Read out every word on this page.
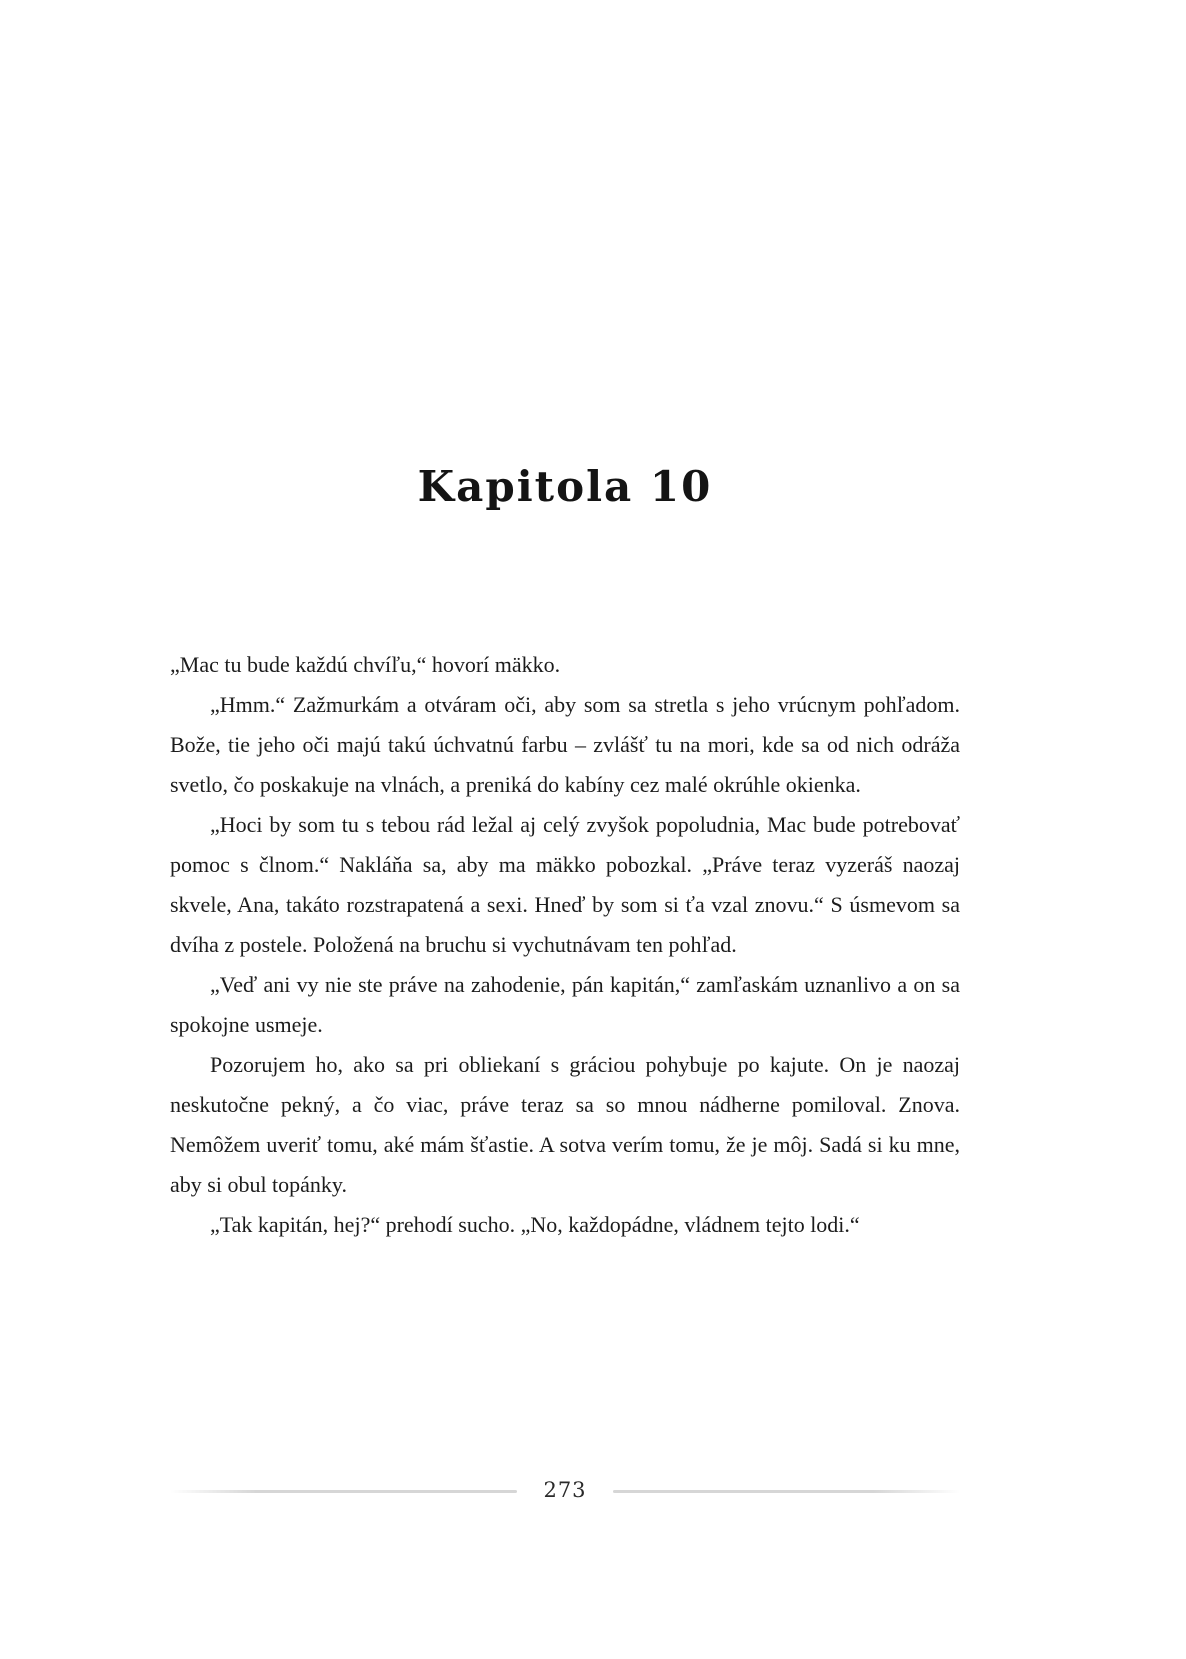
Kapitola 10

„Mac tu bude každú chvíľu,“ hovorí mäkko.

„Hmm.“ Zažmurkám a otváram oči, aby som sa stretla s jeho vrúcnym pohľadom. Bože, tie jeho oči majú takú úchvatnú farbu – zvlášť tu na mori, kde sa od nich odráža svetlo, čo poskakuje na vlnách, a preniká do kabíny cez malé okrúhle okienka.

„Hoci by som tu s tebou rád ležal aj celý zvyšok popoludnia, Mac bude potrebovať pomoc s člnom.“ Nakláňa sa, aby ma mäkko pobozkal. „Práve teraz vyzeráš naozaj skvele, Ana, takáto rozstrapatená a sexi. Hneď by som si ťa vzal znovu.“ S úsmevom sa dvíha z postele. Položená na bruchu si vychutnávam ten pohľad.

„Veď ani vy nie ste práve na zahodenie, pán kapitán,“ zamľaskám uznanlivo a on sa spokojne usmeje.

Pozorujem ho, ako sa pri obliekaní s gráciou pohybuje po kajute. On je naozaj neskutočne pekný, a čo viac, práve teraz sa so mnou nádherne pomiloval. Znova. Nemôžem uveriť tomu, aké mám šťastie. A sotva verím tomu, že je môj. Sadá si ku mne, aby si obul topánky.

„Tak kapitán, hej?“ prehodí sucho. „No, každopádne, vládnem tejto lodi.“

273
